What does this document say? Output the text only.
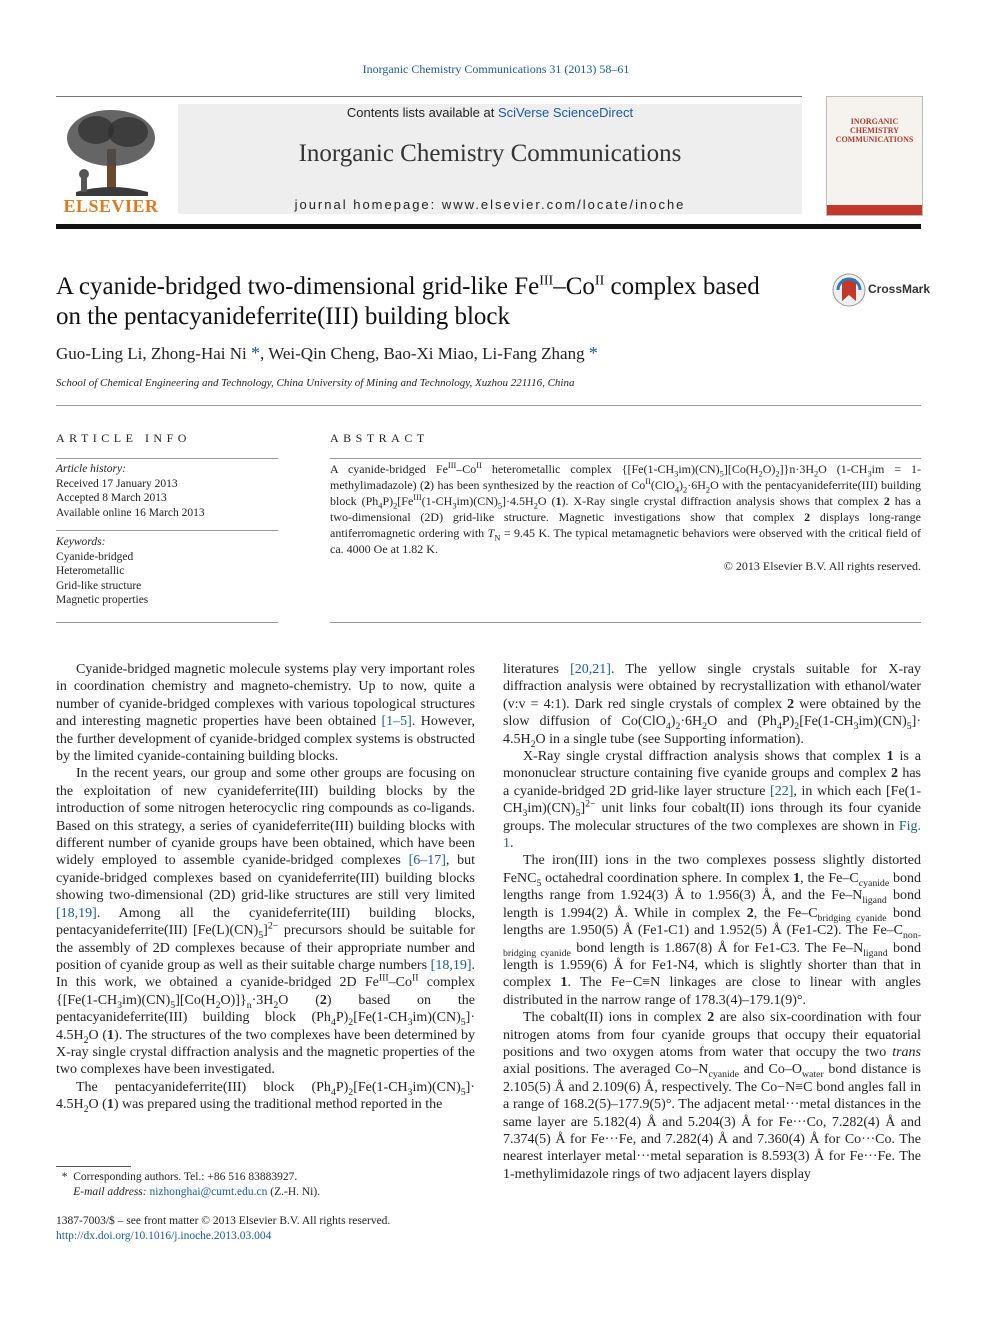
Inorganic Chemistry Communications 31 (2013) 58–61
Contents lists available at SciVerse ScienceDirect
Inorganic Chemistry Communications
journal homepage: www.elsevier.com/locate/inoche
ELSEVIER
INORGANIC CHEMISTRY COMMUNICATIONS
A cyanide-bridged two-dimensional grid-like $Fe^{III}-Co^{II}$ complex based
on the pentacyanideferrite(III) building block
CrossMark
Guo-Ling Li, Zhong-Hai Ni *, Wei-Qin Cheng, Bao-Xi Miao, Li-Fang Zhang *
School of Chemical Engineering and Technology, China University of Mining and Technology, Xuzhou 221116, China
ARTICLE INFO
Article history:
Received 17 January 2013
Accepted 8 March 2013
Available online 16 March 2013
Keywords:
Cyanide-bridged
Heterometallic
Grid-like structure
Magnetic properties
ABSTRACT
A cyanide-bridged $Fe^{III}-Co^{II}$ heterometallic complex $\{[Fe(1-CH_3im)(CN)_5][Co(H_2O)_2]\}n\cdot 3H_2O$ ($1-CH_3im$ = 1-methylimadazole) (2) has been synthesized by the reaction of $Co^{II}(ClO_4)_2\cdot 6H_2O$ with the pentacyanideferrite(III) building block $(Ph_4P)_2[Fe^{III}(1-CH_3im)(CN)_5]\cdot 4.5H_2O$ (1). X-Ray single crystal diffraction analysis shows that complex 2 has a two-dimensional (2D) grid-like structure. Magnetic investigations show that complex 2 displays long-range antiferromagnetic ordering with $T_N = 9.45$ K. The typical metamagnetic behaviors were observed with the critical field of ca. 4000 Oe at 1.82 K.
© 2013 Elsevier B.V. All rights reserved.

Cyanide-bridged magnetic molecule systems play very important roles in coordination chemistry and magneto-chemistry. Up to now, quite a number of cyanide-bridged complexes with various topological structures and interesting magnetic properties have been obtained [1–5]. However, the further development of cyanide-bridged complex systems is obstructed by the limited cyanide-containing building blocks.

In the recent years, our group and some other groups are focusing on the exploitation of new cyanideferrite(III) building blocks by the introduction of some nitrogen heterocyclic ring compounds as co-ligands. Based on this strategy, a series of cyanideferrite(III) building blocks with different number of cyanide groups have been obtained, which have been widely employed to assemble cyanide-bridged complexes [6–17], but cyanide-bridged complexes based on cyanideferrite(III) building blocks showing two-dimensional (2D) grid-like structures are still very limited [18,19]. Among all the cyanideferrite(III) building blocks, pentacyanideferrite(III) $[Fe(L)(CN)_5]^{2-}$ precursors should be suitable for the assembly of 2D complexes because of their appropriate number and position of cyanide group as well as their suitable charge numbers [18,19]. In this work, we obtained a cyanide-bridged 2D $Fe^{III}-Co^{II}$ complex $\{[Fe(1-CH_3im)(CN)_5][Co(H_2O)]\}_n\cdot 3H_2O$ (2) based on the pentacyanideferrite(III) building block $(Ph_4P)_2[Fe(1-CH_3im)(CN)_5]\cdot 4.5H_2O$ (1). The structures of the two complexes have been determined by X-ray single crystal diffraction analysis and the magnetic properties of the two complexes have been investigated.

The pentacyanideferrite(III) block $(Ph_4P)_2[Fe(1-CH_3im)(CN)_5]\cdot 4.5H_2O$ (1) was prepared using the traditional method reported in the

literatures [20,21]. The yellow single crystals suitable for X-ray diffraction analysis were obtained by recrystallization with ethanol/water (v:v = 4:1). Dark red single crystals of complex 2 were obtained by the slow diffusion of $Co(ClO_4)_2\cdot 6H_2O$ and $(Ph_4P)_2[Fe(1-CH_3im)(CN)_5]\cdot 4.5H_2O$ in a single tube (see Supporting information).

X-Ray single crystal diffraction analysis shows that complex 1 is a mononuclear structure containing five cyanide groups and complex 2 has a cyanide-bridged 2D grid-like layer structure [22], in which each $[Fe(1-CH_3im)(CN)_5]^{2-}$ unit links four cobalt(II) ions through its four cyanide groups. The molecular structures of the two complexes are shown in Fig. 1.

The iron(III) ions in the two complexes possess slightly distorted FeNC$_5$ octahedral coordination sphere. In complex 1, the $Fe-C_{cyanide}$ bond lengths range from 1.924(3) Å to 1.956(3) Å, and the $Fe-N_{ligand}$ bond length is 1.994(2) Å. While in complex 2, the $Fe-C_{bridging cyanide}$ bond lengths are 1.950(5) Å (Fe1-C1) and 1.952(5) Å (Fe1-C2). The $Fe-C_{non-bridging cyanide}$ bond length is 1.867(8) Å for Fe1-C3. The $Fe-N_{ligand}$ bond length is 1.959(6) Å for Fe1-N4, which is slightly shorter than that in complex 1. The Fe−C≡N linkages are close to linear with angles distributed in the narrow range of 178.3(4)–179.1(9)°.

The cobalt(II) ions in complex 2 are also six-coordination with four nitrogen atoms from four cyanide groups that occupy their equatorial positions and two oxygen atoms from water that occupy the two trans axial positions. The averaged $Co-N_{cyanide}$ and $Co-O_{water}$ bond distance is 2.105(5) Å and 2.109(6) Å, respectively. The Co−N≡C bond angles fall in a range of 168.2(5)–177.9(5)°. The adjacent metal···metal distances in the same layer are 5.182(4) Å and 5.204(3) Å for Fe···Co, 7.282(4) Å and 7.374(5) Å for Fe···Fe, and 7.282(4) Å and 7.360(4) Å for Co···Co. The nearest interlayer metal···metal separation is 8.593(3) Å for Fe···Fe. The 1-methylimidazole rings of two adjacent layers display

*  Corresponding authors. Tel.: +86 516 83883927.
E-mail address: nizhonghai@cumt.edu.cn (Z.-H. Ni).
1387-7003/$ – see front matter © 2013 Elsevier B.V. All rights reserved.
http://dx.doi.org/10.1016/j.inoche.2013.03.004
